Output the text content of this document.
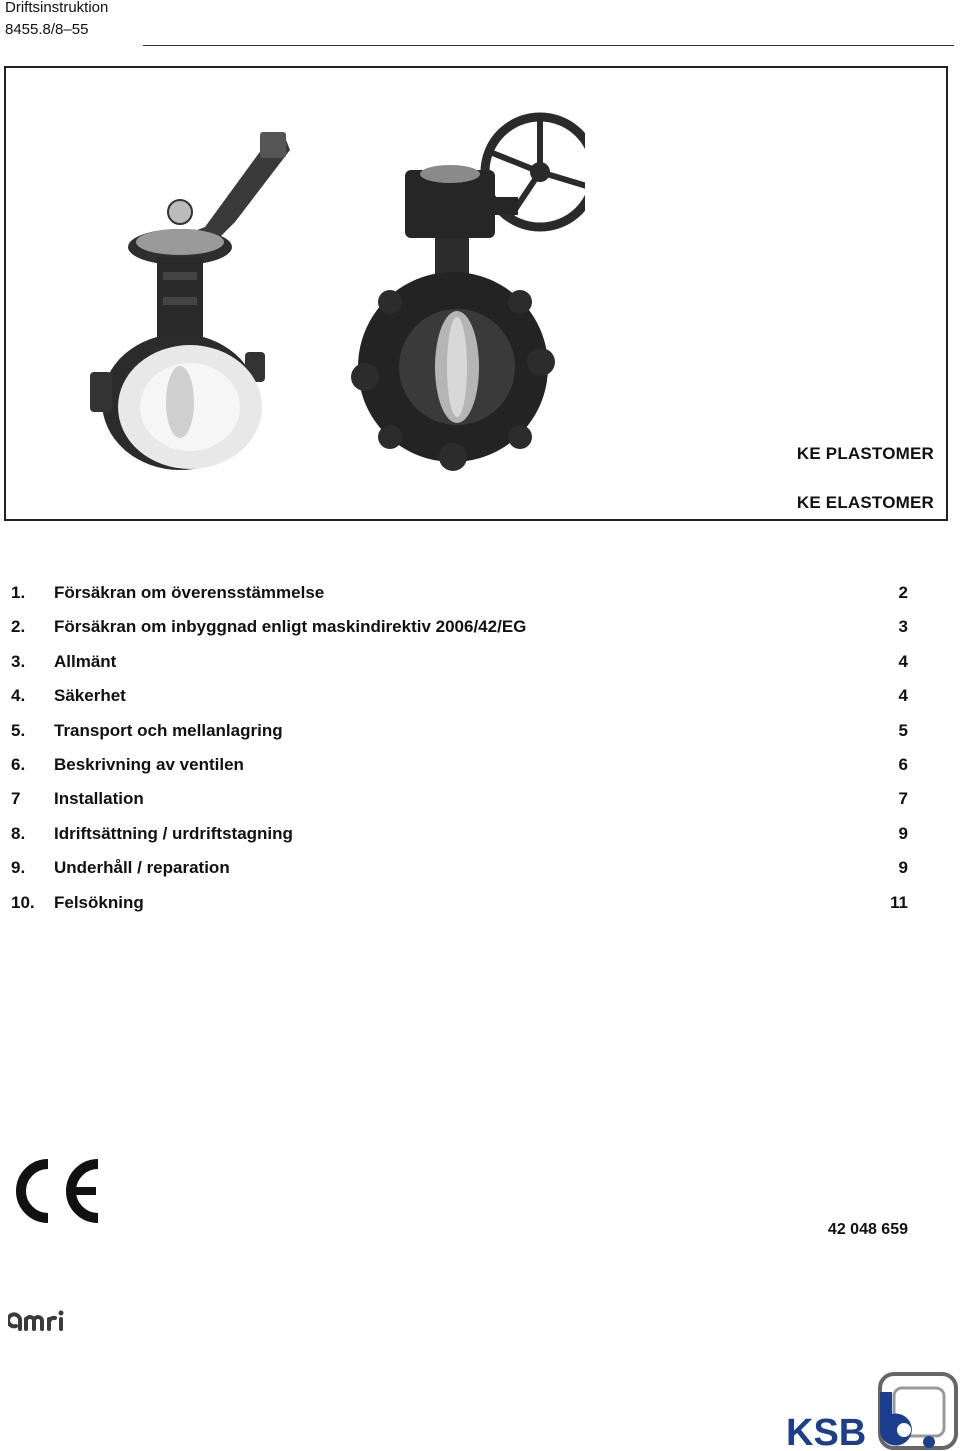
Driftsinstruktion
8455.8/8–55
KE PLASTOMER
KE ELASTOMER
1. Försäkran om överensstämmelse	2
2. Försäkran om inbyggnad enligt maskindirektiv 2006/42/EG	3
3. Allmänt	4
4. Säkerhet	4
5. Transport och mellanlagring	5
6. Beskrivning av ventilen	6
7 Installation	7
8. Idriftsättning / urdriftstagning	9
9. Underhåll / reparation	9
10. Felsökning	11
42 048 659
KSB
